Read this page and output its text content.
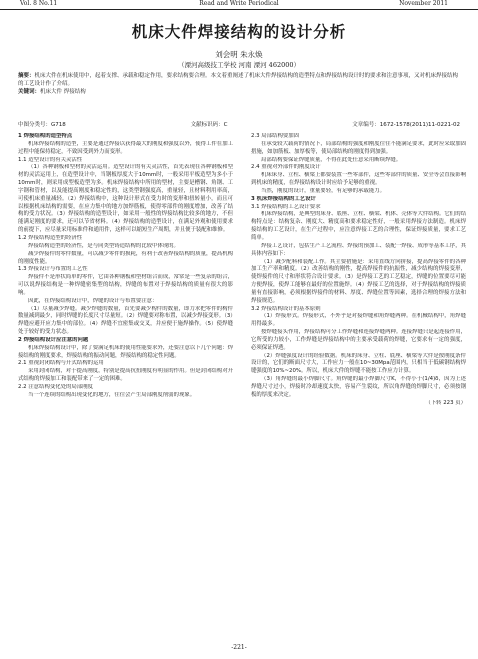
Vol. 8 No.11	Read and Write Periodical	November 2011
机床大件焊接结构的设计分析
刘会明 朱永焕
（溧河高级技工学校 河南 溧河 462000）
摘要：机床大件在机床使用中，起着支撑、承载和稳定作用，要求结构要合理。本文着重阐述了机床大件焊接结构的造型特点和焊接结构设计时的要求和注意事项，又对机床焊接结构的工艺设计作了介绍。
关键词：机床大件 焊接结构
中图分类号：G718	文献标识码：C	文章编号：1672-1578(2011)11-0221-02

1 焊接结构的造型特点

机床焊接结构的造型，主要是通过焊接以获得最大的刚度和强度以外，使得工件在加工过程中能保持稳定，不致因受到外力而变形。

1.1 造型设计的有关灵活性

（1）各种钢板和型材的灵活运用。造型设计的有关灵活性，首先表现在各种钢板和型材的灵活运用上，在造型设计中，当钢板厚度大于10mm时，一般采用平板造型为多小于10mm时，则采用成型板造型为多。机床焊接结构中所用的型材，主要是槽钢、角钢、工字钢和管材，以及能提高刚度和稳定性的，这类型钢强度高，重量轻，且材料利用率高，可使机床重量减轻。（2）焊接结构中，这种设计形式在受力时的变形和扭转量小，而且可以根据机床结构的需要，在应力集中的地方加焊筋板，使得零部件的刚度增加，改善了结构的受力状况。（3）焊接结构的造型设计，如采用一般性的焊接结构比较多的地方，不但能满足刚度的要求，还可以节省材料。（4）焊接结构的造型设计，在满足外观和使用要求的前提下，应尽量采用标准件和通用件，这样可以缩短生产周期，并且便于装配和维修。

1.2 焊接结构造型的经济性

焊接结构造型的经济性，是与同类型铸造结构的比较中体现的。

减少焊接件的零件数量，可以减少零件的损耗，有利于改善焊接结构的质量，提高机构的刚度性能。

1.3 焊接设计与布置的工艺性

焊接件不是形状简单的零件，它由各种钢板和型材组合而成，常常是一些复杂的组合，可以说焊接结构是一种焊缝密集型的结构，焊缝的布置对于焊接结构的质量有很大的影响。

因此，在焊接结构设计中，焊缝的设计与布置要注意：

（1）尽量减少焊缝。减少焊缝的数量，首先要减少构件的数量，即力求把零件的构件数量减到最少，同时焊缝的长度尺寸尽量短。（2）焊缝要对称布置，以减少焊接变形。（3）焊缝应避开应力集中的部位。（4）焊缝不宜密集或交叉，并应便于施焊操作。（5）使焊缝处于较好的受力状态。

2 焊接结构设计应注意的问题

机床焊接结构设计中，除了要满足机床的使用性能要求外，还要注意以下几个问题：焊接结构的刚度要求，焊接结构的振动问题，焊接结构的稳定性问题。

2.1 重视封闭结构与开式结构的运用

采用封闭结构，对于提高刚度，特别是提高抗扭刚度有明显的作用。但是封闭结构对开式结构的焊接加工和装配带来了一定的困难。

2.2 注意结构变化处的局部刚度

当一个连续的结构出现变化的地方，往往会产生局部刚度削弱的现象。

2.3 局部结构要加固

在承受较大载荷的情况下，局部结构的强度和刚度往往不能满足要求，此时应采取加固措施，如加筋板、加厚板等，使局部结构的刚度得到加强。

局部结构要保证焊缝质量，不得在此处任意采用断续焊缝。

2.4 重视对外部件的刚度设计

机床床身、立柱、横梁上都要装置一些零部件，这些零部件的质量、安全等会直接影响到机床的精度，在焊接结构设计时应给予足够的重视。

当然，刚度的设计，重量要轻，有足够的承载能力。

3 机床焊接结构的工艺设计

3.1 焊接结构的工艺设计要求

机床焊接结构，是典型的床身、底座、立柱、横梁、机体、壳体等大件结构。它们的结构特点是：结构复杂、刚度大、精度高和要求稳定性好，一般采用焊接方法制造。机床焊接结构的工艺设计，在生产过程中，应注意焊接工艺的合理性，保证焊接质量，要求工艺简单。

焊接工艺设计，包括生产工艺流程、焊接的预加工、装配一焊接、成形等基本工序，其具体内容如下：

（1）减少配料和装配工作。其主要措施是：采用直线方向拼接，提高焊接零件的各种加工生产率和精度。（2）改善结构的刚性，提高焊接件的抗振性，减少结构的焊接变形，使焊接件的尺寸和形状符合设计要求。（3）是焊接工艺的工艺稳定，焊缝的位置要尽可能方便焊接，使焊工能够在最好的位置施焊。（4）焊接工艺的选择，对于焊接结构的焊接质量有直接影响，必须根据焊接件的材料、厚度、焊缝位置等因素，选择合理的焊接方法和焊接规范。

3.2 焊接结构设计的基本原则

（1）焊接形式。焊接形式，不外乎是对接焊缝和角焊缝两种。在机械结构中，角焊缝用得最多。

按焊缝接头作用，焊接结构可分工作焊缝和连接焊缝两种。连接焊缝只是起连接作用，它所受的力较小，工作焊缝是焊接结构中的主要承受载荷的焊缝，它要求有一定的强度，必须保证焊透。

（2）焊缝强度设计的经验数据。机床的床身、立柱、底座、横梁等大件是按刚度条件设计的，它们的断面尺寸大，工作应力一般在10~30Mpa范围内，只相当于低碳钢结构焊缝强度的10%~20%。所以，机床大件的焊缝不能按工作应力计算。

（3）角焊缝的最小焊脚尺寸。角焊缝的最小焊脚尺寸K，不得小于(1/4)δ，因为上述焊缝尺寸过小，焊接时冷却速度太快，容易产生裂纹，所以角焊缝的焊脚尺寸，必须按钢板的厚度来决定。

（下转 223 页）

-221-
